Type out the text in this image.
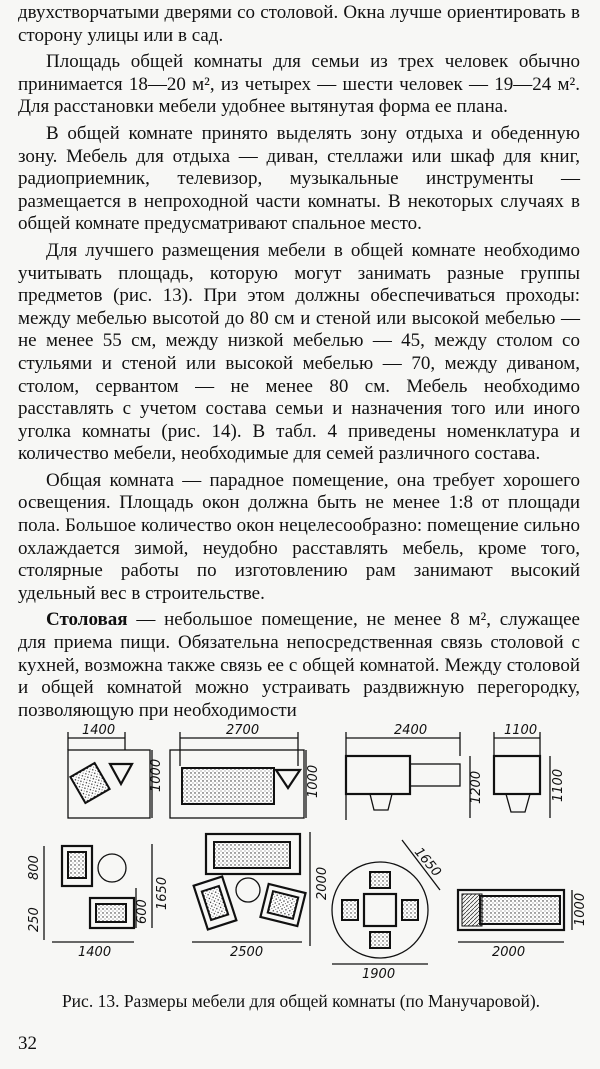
двухстворчатыми дверями со столовой. Окна лучше ориентировать в сторону улицы или в сад.

Площадь общей комнаты для семьи из трех человек обычно принимается 18—20 м², из четырех — шести человек — 19—24 м². Для расстановки мебели удобнее вытянутая форма ее плана.

В общей комнате принято выделять зону отдыха и обеденную зону. Мебель для отдыха — диван, стеллажи или шкаф для книг, радиоприемник, телевизор, музыкальные инструменты — размещается в непроходной части комнаты. В некоторых случаях в общей комнате предусматривают спальное место.

Для лучшего размещения мебели в общей комнате необходимо учитывать площадь, которую могут занимать разные группы предметов (рис. 13). При этом должны обеспечиваться проходы: между мебелью высотой до 80 см и стеной или высокой мебелью — не менее 55 см, между низкой мебелью — 45, между столом со стульями и стеной или высокой мебелью — 70, между диваном, столом, сервантом — не менее 80 см. Мебель необходимо расставлять с учетом состава семьи и назначения того или иного уголка комнаты (рис. 14). В табл. 4 приведены номенклатура и количество мебели, необходимые для семей различного состава.

Общая комната — парадное помещение, она требует хорошего освещения. Площадь окон должна быть не менее 1:8 от площади пола. Большое количество окон нецелесообразно: помещение сильно охлаждается зимой, неудобно расставлять мебель, кроме того, столярные работы по изготовлению рам занимают высокий удельный вес в строительстве.

Столовая — небольшое помещение, не менее 8 м², служащее для приема пищи. Обязательна непосредственная связь столовой с кухней, возможна также связь ее с общей комнатой. Между столовой и общей комнатой можно устраивать раздвижную перегородку, позволяющую при необходимости

1400
1000
2700
1000
2400
1200
1100
1100
800
250	600
1650
1400
2000
2500
1650
1900
1000
2000
Рис. 13. Размеры мебели для общей комнаты (по Манучаровой).
32
